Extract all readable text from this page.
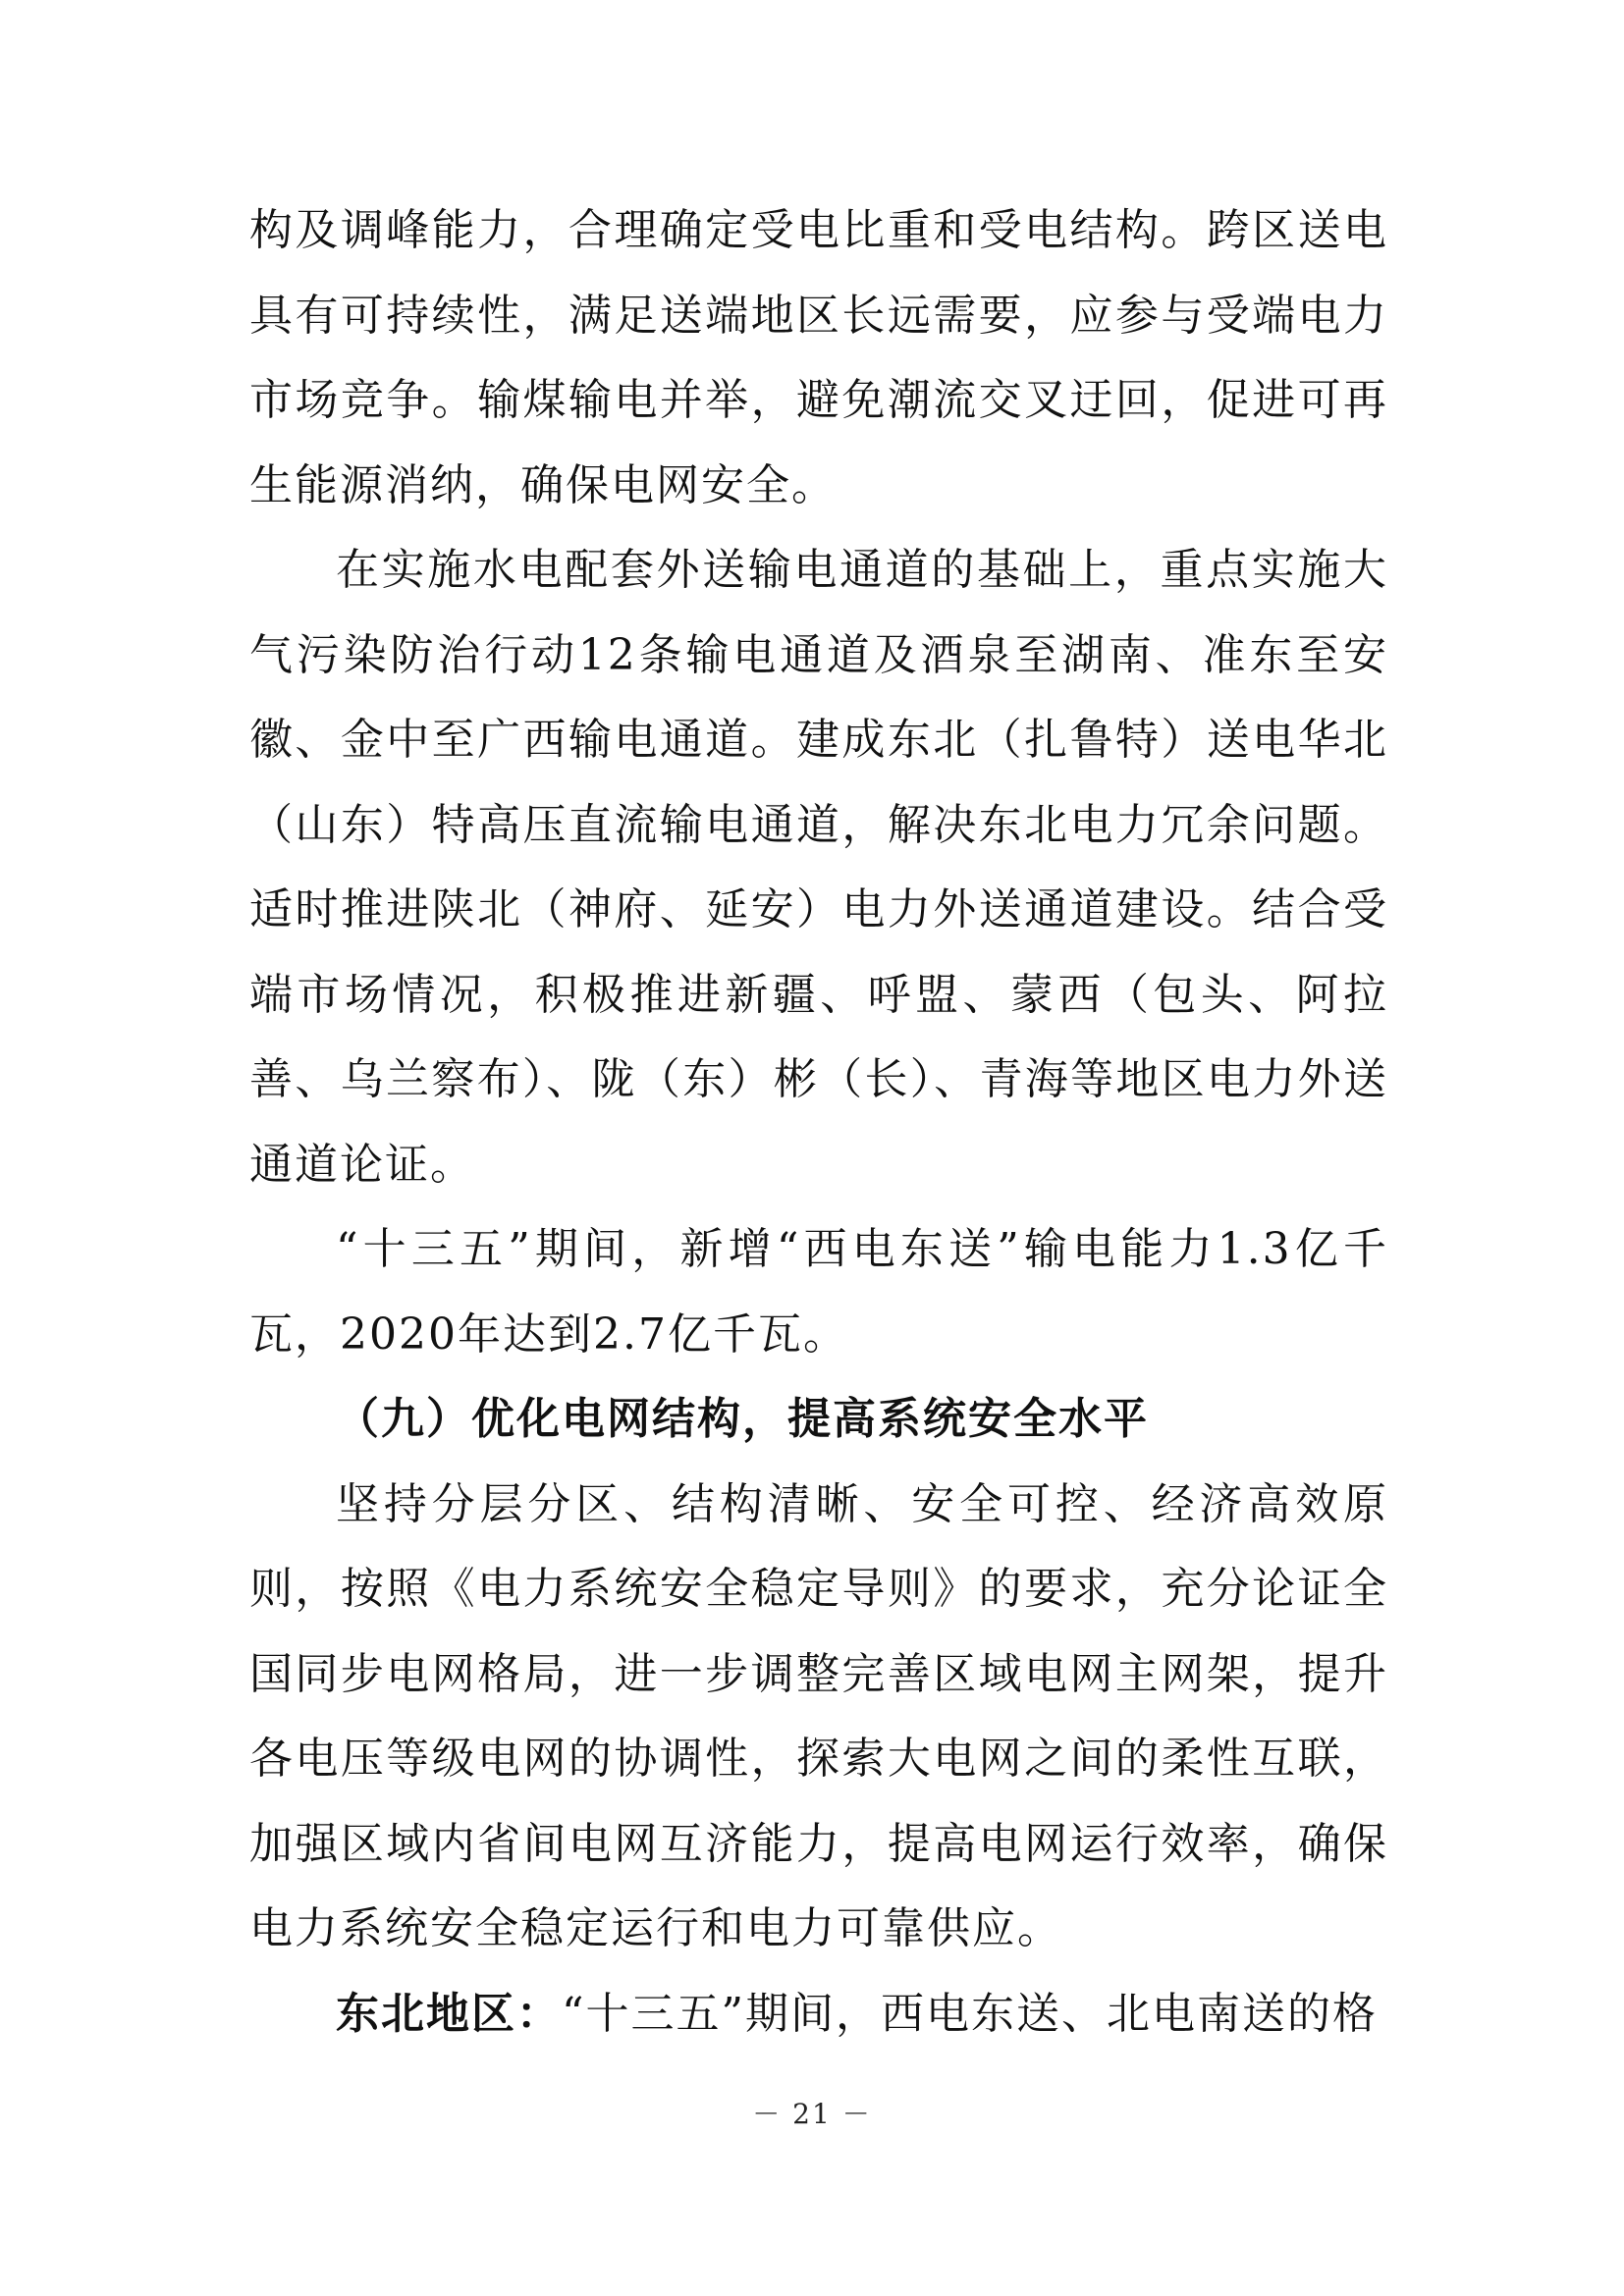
构及调峰能力，合理确定受电比重和受电结构。跨区送电具有可持续性，满足送端地区长远需要，应参与受端电力市场竞争。输煤输电并举，避免潮流交叉迂回，促进可再生能源消纳，确保电网安全。

在实施水电配套外送输电通道的基础上，重点实施大气污染防治行动12条输电通道及酒泉至湖南、准东至安徽、金中至广西输电通道。建成东北（扎鲁特）送电华北（山东）特高压直流输电通道，解决东北电力冗余问题。适时推进陕北（神府、延安）电力外送通道建设。结合受端市场情况，积极推进新疆、呼盟、蒙西（包头、阿拉善、乌兰察布）、陇（东）彬（长）、青海等地区电力外送通道论证。

“十三五”期间，新增“西电东送”输电能力1.3亿千瓦，2020年达到2.7亿千瓦。

（九）优化电网结构，提高系统安全水平

坚持分层分区、结构清晰、安全可控、经济高效原则，按照《电力系统安全稳定导则》的要求，充分论证全国同步电网格局，进一步调整完善区域电网主网架，提升各电压等级电网的协调性，探索大电网之间的柔性互联，加强区域内省间电网互济能力，提高电网运行效率，确保电力系统安全稳定运行和电力可靠供应。

东北地区：“十三五”期间，西电东送、北电南送的格

－ 21 －
